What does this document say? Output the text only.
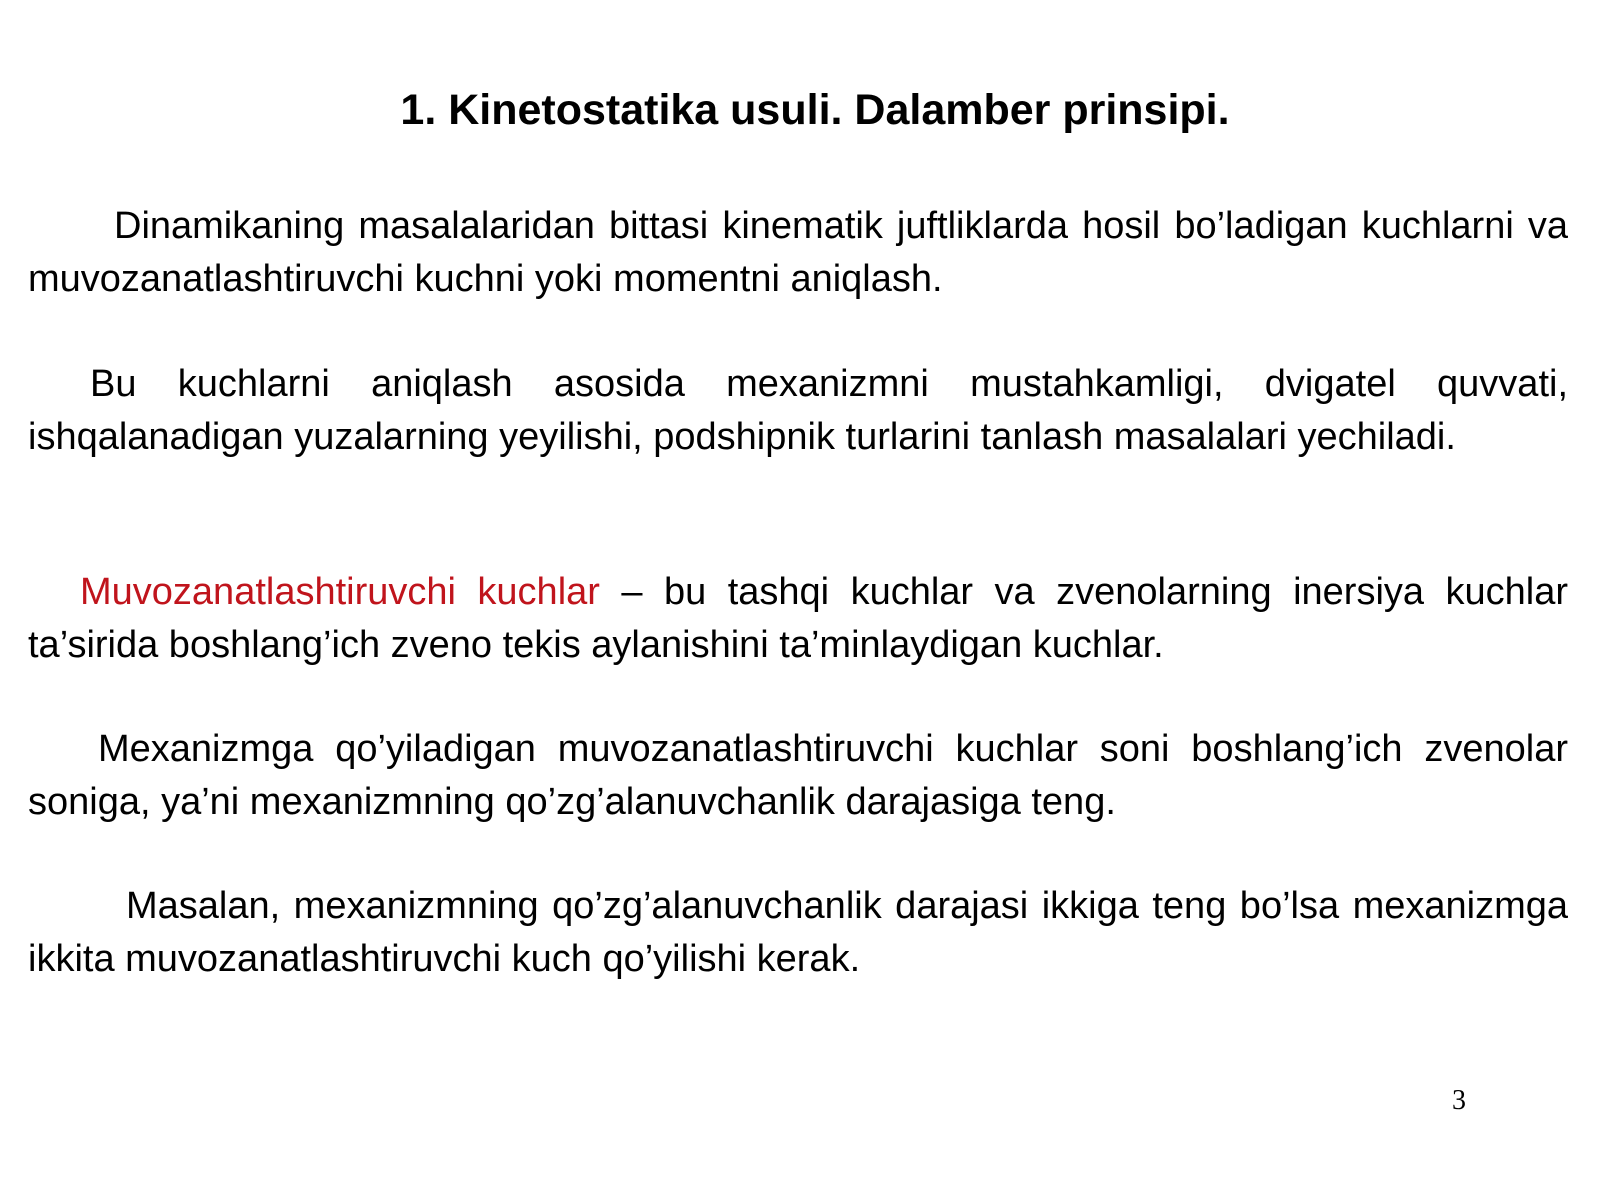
1. Kinetostatika usuli. Dalamber prinsipi.

Dinamikaning masalalaridan bittasi kinematik juftliklarda hosil bo’ladigan kuchlarni va muvozanatlashtiruvchi kuchni yoki momentni aniqlash.

Bu kuchlarni aniqlash asosida mexanizmni mustahkamligi, dvigatel quvvati, ishqalanadigan yuzalarning yeyilishi, podshipnik turlarini tanlash masalalari yechiladi.

Muvozanatlashtiruvchi kuchlar – bu tashqi kuchlar va zvenolarning inersiya kuchlar ta’sirida boshlang’ich zveno tekis aylanishini ta’minlaydigan kuchlar.

Mexanizmga qo’yiladigan muvozanatlashtiruvchi kuchlar soni boshlang’ich zvenolar soniga, ya’ni mexanizmning qo’zg’alanuvchanlik darajasiga teng.

Masalan, mexanizmning qo’zg’alanuvchanlik darajasi ikkiga teng bo’lsa mexanizmga ikkita muvozanatlashtiruvchi kuch qo’yilishi kerak.

3
